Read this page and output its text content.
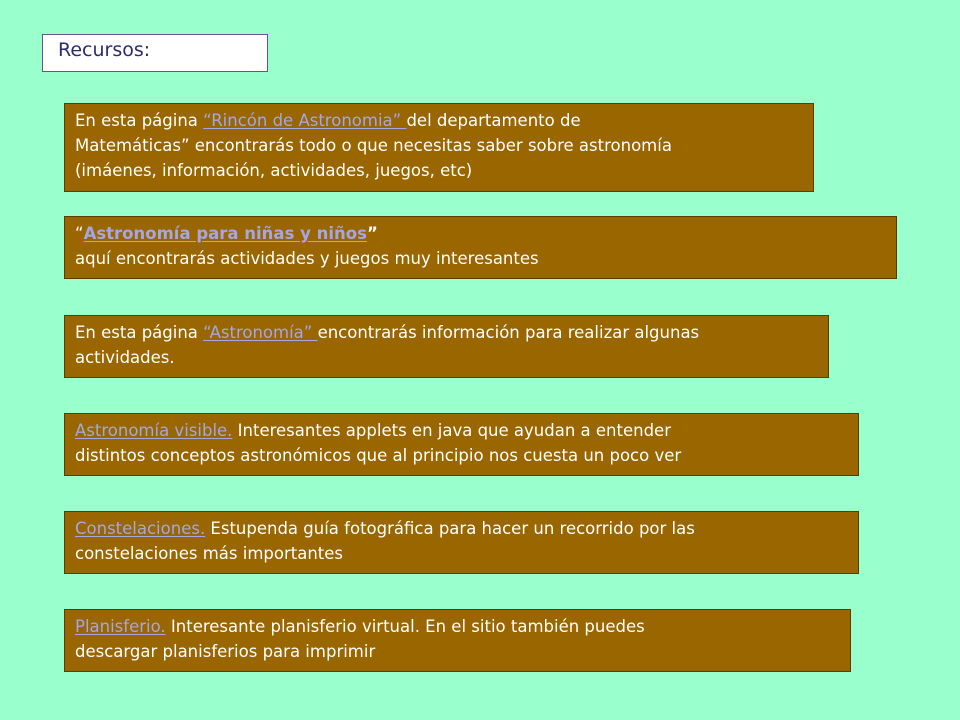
Recursos:
En esta página “Rincón de Astronomia” del departamento de
Matemáticas” encontrarás todo o que necesitas saber sobre astronomía
(imáenes, información, actividades, juegos, etc)
“Astronomía para niñas y niños”
aquí encontrarás actividades y juegos muy interesantes
En esta página “Astronomía” encontrarás información para realizar algunas
actividades.
Astronomía visible. Interesantes applets en java que ayudan a entender
distintos conceptos astronómicos que al principio nos cuesta un poco ver
Constelaciones. Estupenda guía fotográfica para hacer un recorrido por las
constelaciones más importantes
Planisferio. Interesante planisferio virtual. En el sitio también puedes
descargar planisferios para imprimir
